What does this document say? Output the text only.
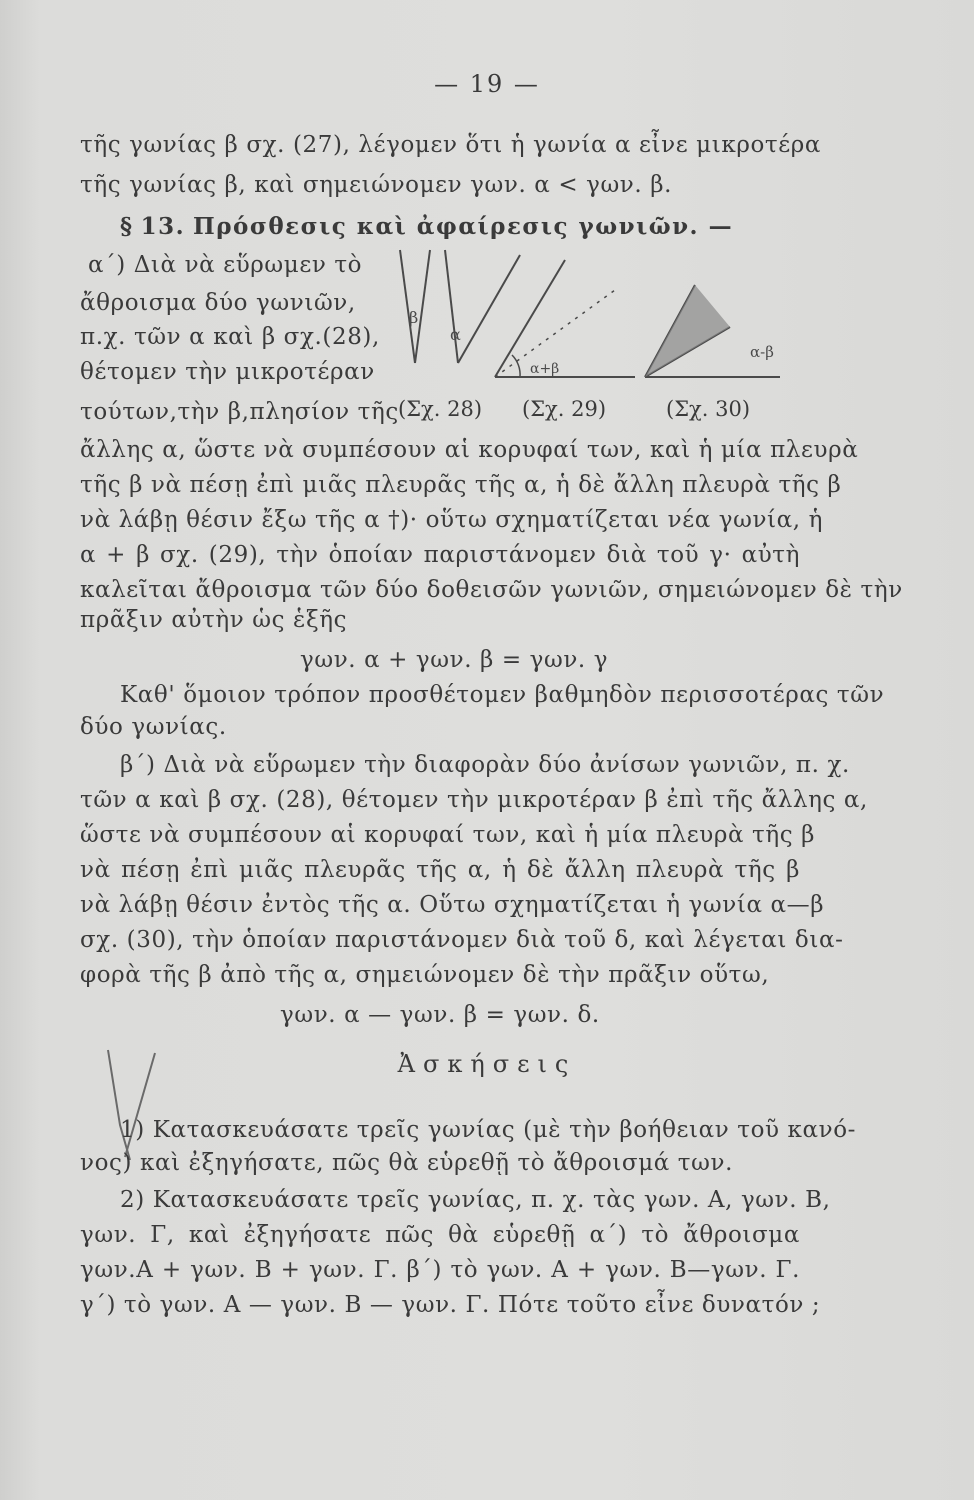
— 19 —
τῆς γωνίας β σχ. (27), λέγομεν ὅτι ἡ γωνία α εἶνε μικροτέρα
τῆς γωνίας β, καὶ σημειώνομεν γων. α < γων. β.
§ 13. Πρόσθεσις καὶ ἀφαίρεσις γωνιῶν. —
α΄) Διὰ νὰ εὕρωμεν τὸ
ἄθροισμα δύο γωνιῶν,
π.χ. τῶν α καὶ β σχ.(28),
θέτομεν τὴν μικροτέραν
τούτων,τὴν β,πλησίον τῆς
β
α
α+β
α-β
(Σχ. 28) (Σχ. 29)	(Σχ. 30)
ἄλλης α, ὥστε νὰ συμπέσουν αἱ κορυφαί των, καὶ ἡ μία πλευρὰ
τῆς β νὰ πέσῃ ἐπὶ μιᾶς πλευρᾶς τῆς α, ἡ δὲ ἄλλη πλευρὰ τῆς β
νὰ λάβῃ θέσιν ἔξω τῆς α †)· οὕτω σχηματίζεται νέα γωνία, ἡ
α + β σχ. (29), τὴν ὁποίαν παριστάνομεν διὰ τοῦ γ· αὐτὴ
καλεῖται ἄθροισμα τῶν δύο δοθεισῶν γωνιῶν, σημειώνομεν δὲ τὴν
πρᾶξιν αὐτὴν ὡς ἑξῆς
γων. α + γων. β = γων. γ
Καθ' ὅμοιον τρόπον προσθέτομεν βαθμηδὸν περισσοτέρας τῶν
δύο γωνίας.
β΄) Διὰ νὰ εὕρωμεν τὴν διαφορὰν δύο ἀνίσων γωνιῶν, π. χ.
τῶν α καὶ β σχ. (28), θέτομεν τὴν μικροτέραν β ἐπὶ τῆς ἄλλης α,
ὥστε νὰ συμπέσουν αἱ κορυφαί των, καὶ ἡ μία πλευρὰ τῆς β
νὰ πέσῃ ἐπὶ μιᾶς πλευρᾶς τῆς α, ἡ δὲ ἄλλη πλευρὰ τῆς β
νὰ λάβῃ θέσιν ἐντὸς τῆς α. Οὕτω σχηματίζεται ἡ γωνία α—β
σχ. (30), τὴν ὁποίαν παριστάνομεν διὰ τοῦ δ, καὶ λέγεται δια-
φορὰ τῆς β ἀπὸ τῆς α, σημειώνομεν δὲ τὴν πρᾶξιν οὕτω,
γων. α — γων. β = γων. δ.
Ἀσκήσεις
1) Κατασκευάσατε τρεῖς γωνίας (μὲ τὴν βοήθειαν τοῦ κανό-
νος) καὶ ἐξηγήσατε, πῶς θὰ εὑρεθῇ τὸ ἄθροισμά των.
2) Κατασκευάσατε τρεῖς γωνίας, π. χ. τὰς γων. Α, γων. Β,
γων. Γ, καὶ ἐξηγήσατε πῶς θὰ εὑρεθῇ α΄) τὸ ἄθροισμα
γων.Α + γων. Β + γων. Γ. β΄) τὸ γων. Α + γων. Β—γων. Γ.
γ΄) τὸ γων. Α — γων. Β — γων. Γ. Πότε τοῦτο εἶνε δυνατόν ;
